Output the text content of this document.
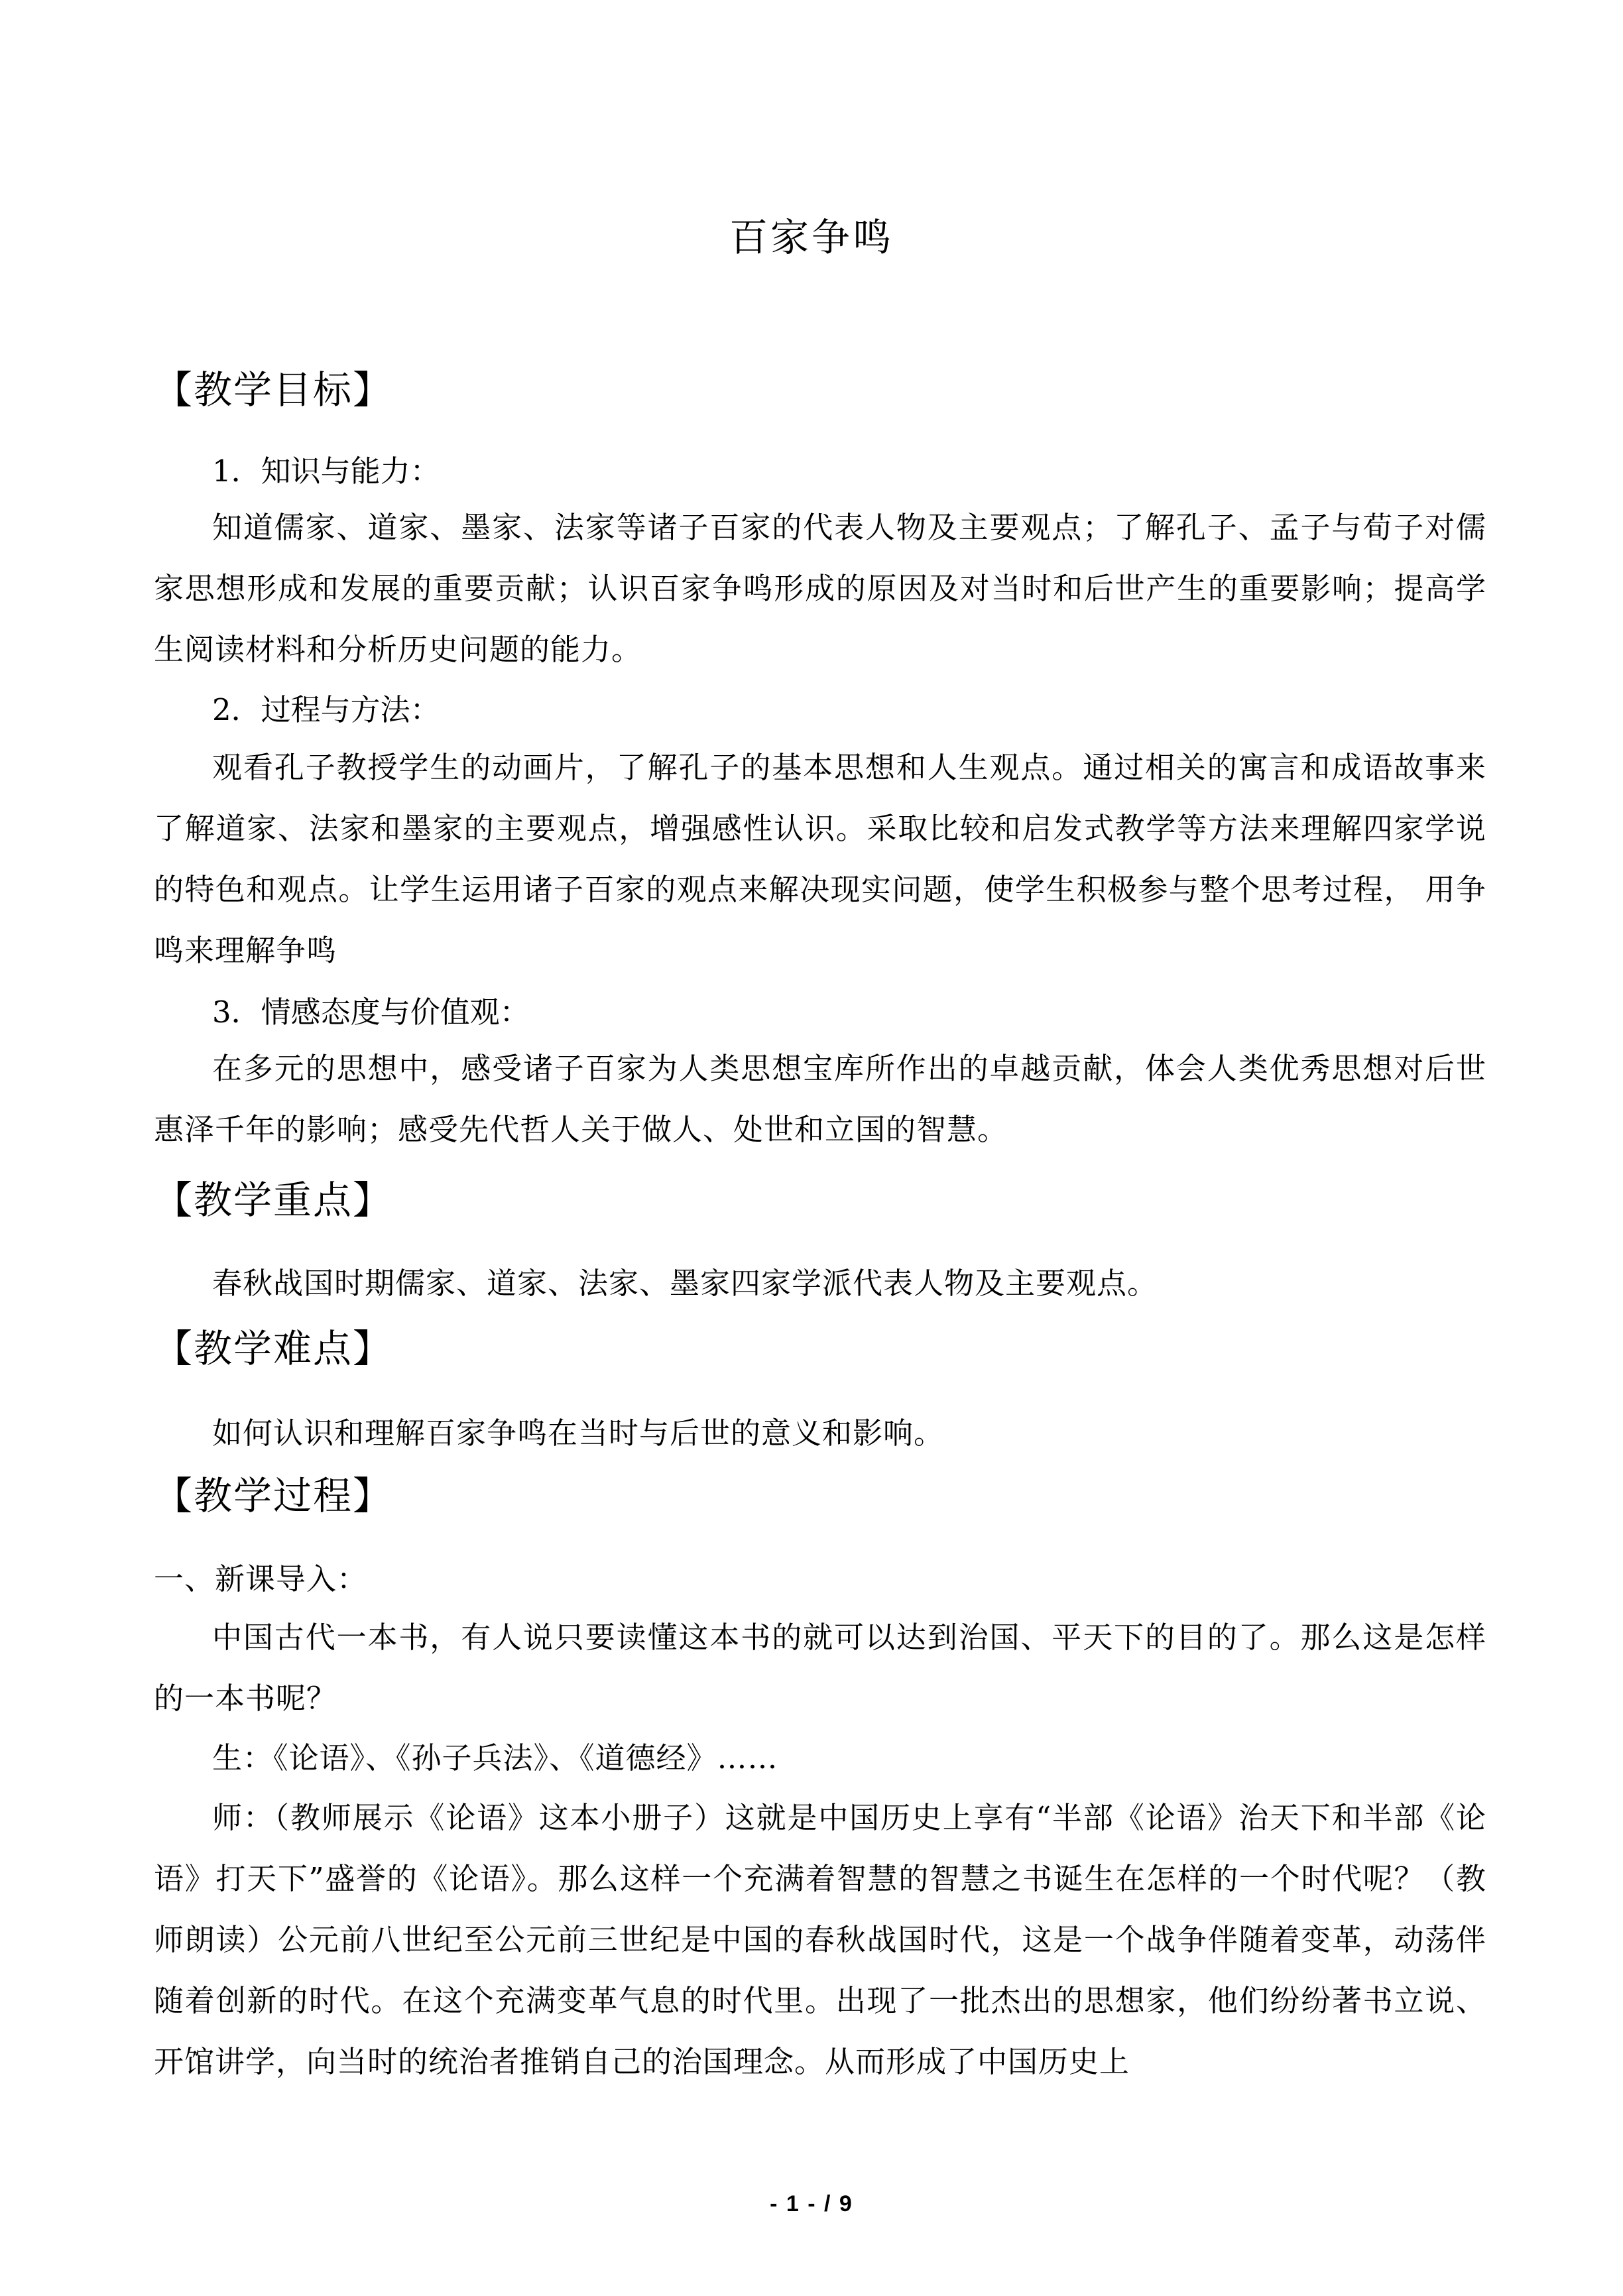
百家争鸣
【教学目标】
1．知识与能力：
知道儒家、道家、墨家、法家等诸子百家的代表人物及主要观点；了解孔子、孟子与荀子对儒家思想形成和发展的重要贡献；认识百家争鸣形成的原因及对当时和后世产生的重要影响；提高学生阅读材料和分析历史问题的能力。
2．过程与方法：
观看孔子教授学生的动画片，了解孔子的基本思想和人生观点。通过相关的寓言和成语故事来了解道家、法家和墨家的主要观点，增强感性认识。采取比较和启发式教学等方法来理解四家学说的特色和观点。让学生运用诸子百家的观点来解决现实问题，使学生积极参与整个思考过程， 用争鸣来理解争鸣
3．情感态度与价值观：
在多元的思想中，感受诸子百家为人类思想宝库所作出的卓越贡献，体会人类优秀思想对后世惠泽千年的影响；感受先代哲人关于做人、处世和立国的智慧。
【教学重点】
春秋战国时期儒家、道家、法家、墨家四家学派代表人物及主要观点。
【教学难点】
如何认识和理解百家争鸣在当时与后世的意义和影响。
【教学过程】
一、新课导入：
中国古代一本书，有人说只要读懂这本书的就可以达到治国、平天下的目的了。那么这是怎样的一本书呢？
生：《论语》、《孙子兵法》、《道德经》……
师：（教师展示《论语》这本小册子）这就是中国历史上享有“半部《论语》治天下和半部《论语》打天下”盛誉的《论语》。那么这样一个充满着智慧的智慧之书诞生在怎样的一个时代呢？（教师朗读）公元前八世纪至公元前三世纪是中国的春秋战国时代，这是一个战争伴随着变革，动荡伴随着创新的时代。在这个充满变革气息的时代里。出现了一批杰出的思想家，他们纷纷著书立说、开馆讲学，向当时的统治者推销自己的治国理念。从而形成了中国历史上
- 1 - / 9
